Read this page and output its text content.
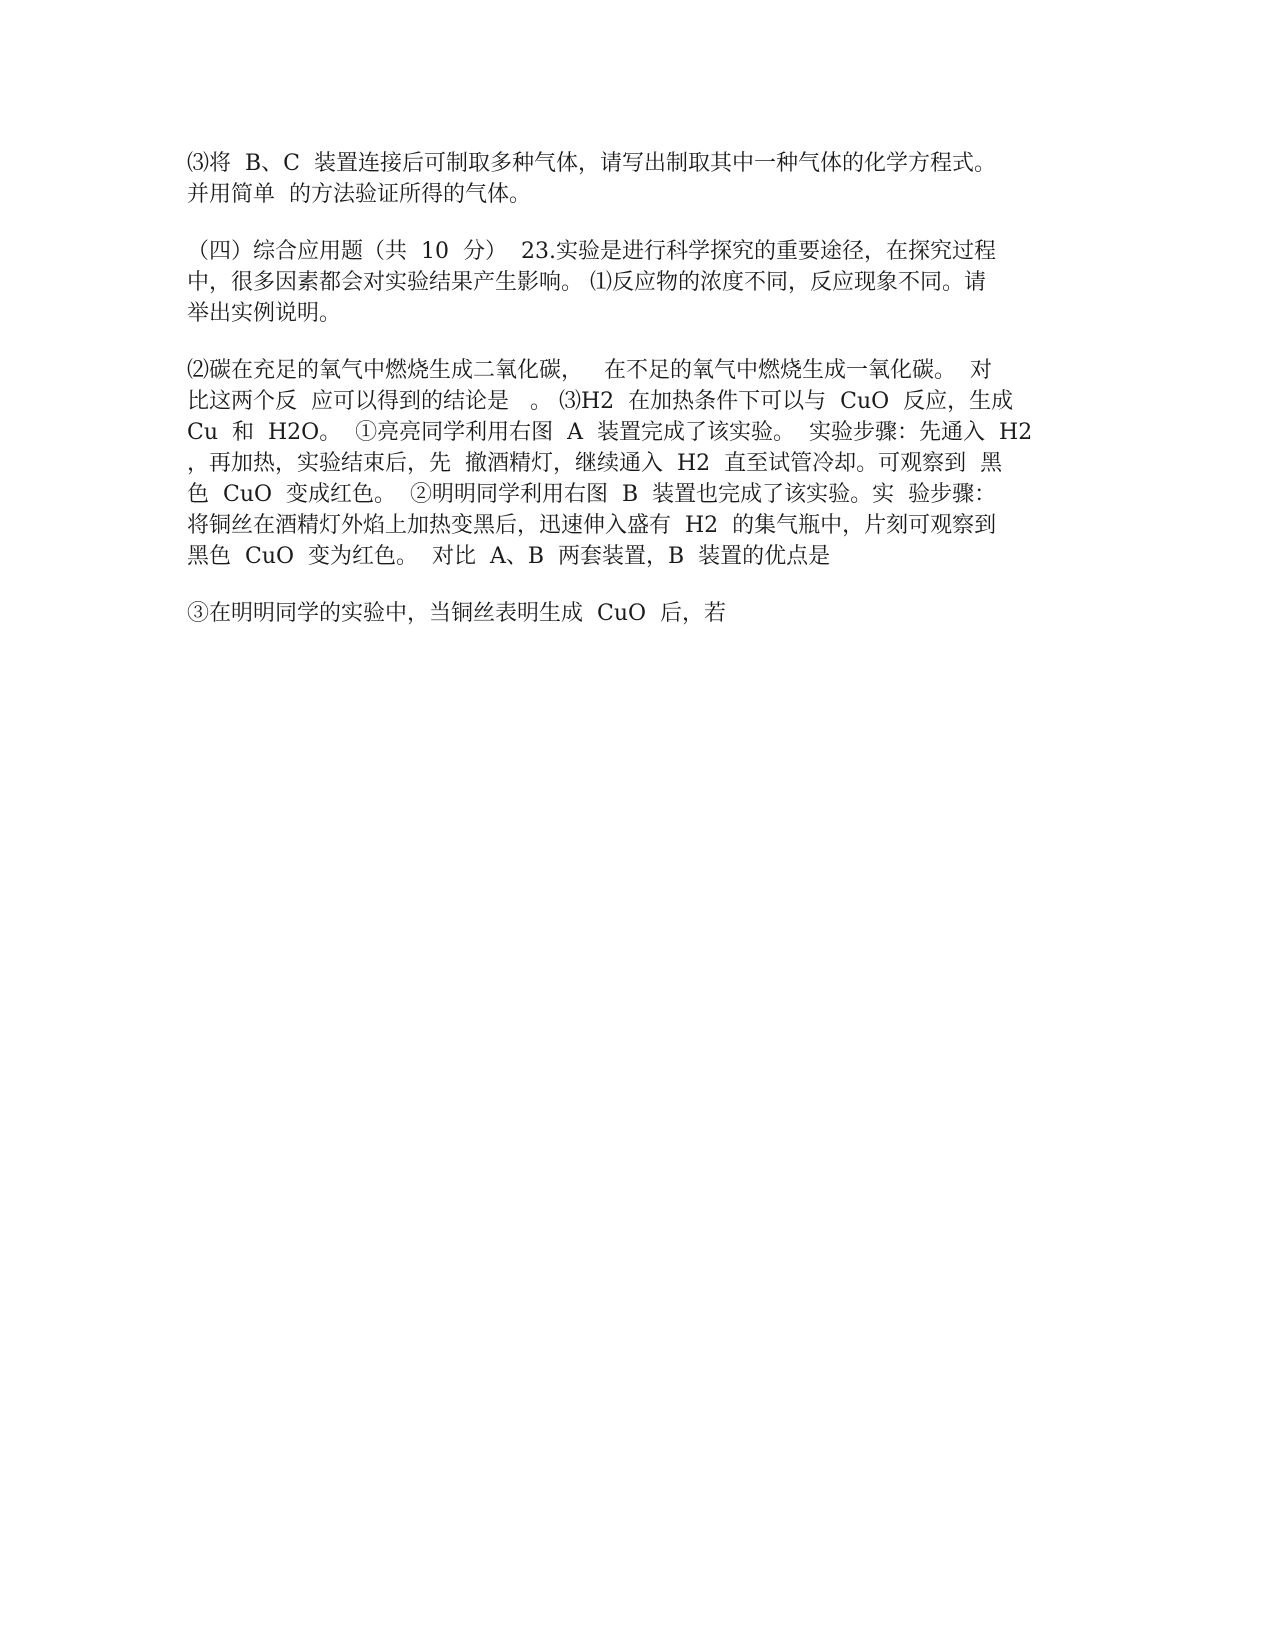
⑶将  B、C  装置连接后可制取多种气体，请写出制取其中一种气体的化学方程式。
并用简单  的方法验证所得的气体。

（四）综合应用题（共  10  分）  23.实验是进行科学探究的重要途径，在探究过程
中，很多因素都会对实验结果产生影响。 ⑴反应物的浓度不同，反应现象不同。请
举出实例说明。

⑵碳在充足的氧气中燃烧生成二氧化碳，   在不足的氧气中燃烧生成一氧化碳。  对
比这两个反  应可以得到的结论是   。 ⑶H2  在加热条件下可以与  CuO  反应，生成
Cu  和  H2O。  ①亮亮同学利用右图  A  装置完成了该实验。  实验步骤：先通入  H2
，再加热，实验结束后，先  撤酒精灯，继续通入  H2  直至试管冷却。可观察到  黑
色  CuO  变成红色。  ②明明同学利用右图  B  装置也完成了该实验。实  验步骤：
将铜丝在酒精灯外焰上加热变黑后，迅速伸入盛有  H2  的集气瓶中，片刻可观察到
黑色  CuO  变为红色。  对比  A、B  两套装置，B  装置的优点是

③在明明同学的实验中，当铜丝表明生成  CuO  后，若
